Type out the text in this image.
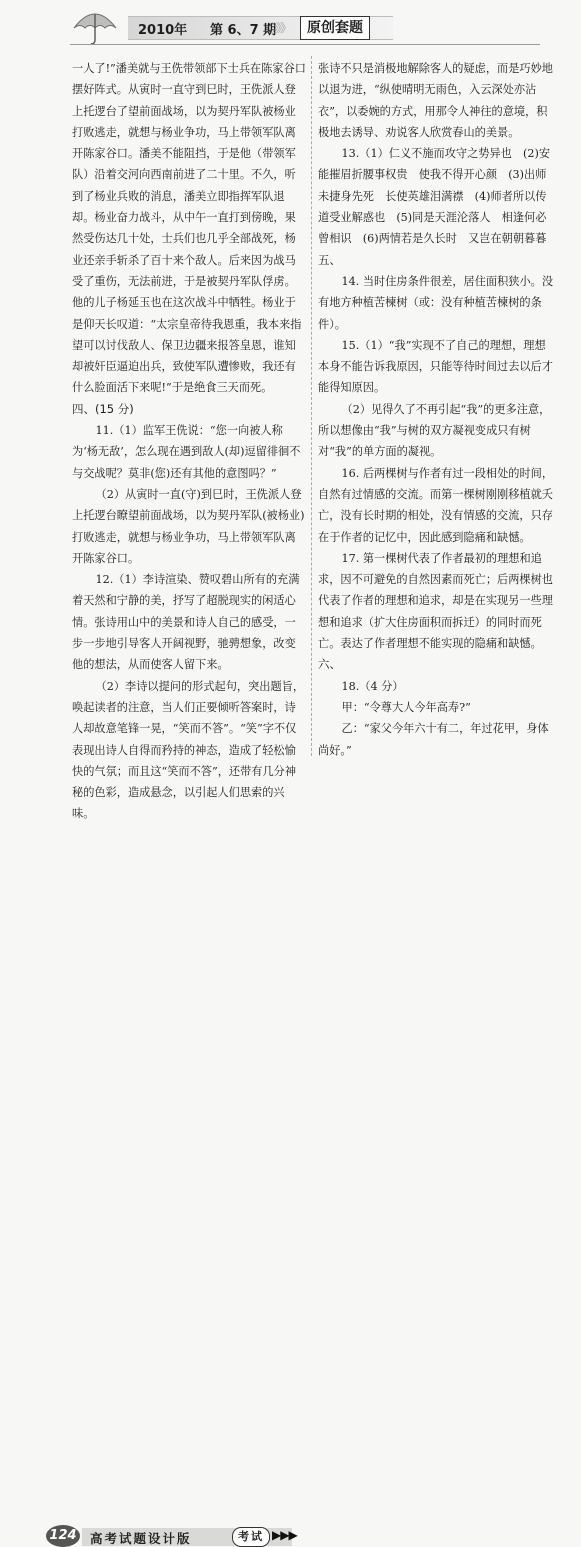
2010年 第 6、7 期
》》》	原创套题

一人了!”潘美就与王侁带领部下士兵在陈家谷口摆好阵式。从寅时一直守到巳时，王侁派人登上托逻台了望前面战场，以为契丹军队被杨业打败逃走，就想与杨业争功，马上带领军队离开陈家谷口。潘美不能阻挡，于是他（带领军队）沿着交河向西南前进了二十里。不久，听到了杨业兵败的消息，潘美立即指挥军队退却。杨业奋力战斗，从中午一直打到傍晚，果然受伤达几十处，士兵们也几乎全部战死，杨业还亲手斩杀了百十来个敌人。后来因为战马受了重伤，无法前进，于是被契丹军队俘虏。他的儿子杨延玉也在这次战斗中牺牲。杨业于是仰天长叹道：“太宗皇帝待我恩重，我本来指望可以讨伐敌人、保卫边疆来报答皇恩，谁知却被奸臣逼迫出兵，致使军队遭惨败，我还有什么脸面活下来呢!”于是绝食三天而死。

四、(15 分)

11.（1）监军王侁说：“您一向被人称为‘杨无敌’，怎么现在遇到敌人(却)逗留徘徊不与交战呢？莫非(您)还有其他的意图吗？”

（2）从寅时一直(守)到巳时，王侁派人登上托逻台瞭望前面战场，以为契丹军队(被杨业)打败逃走，就想与杨业争功，马上带领军队离开陈家谷口。

12.（1）李诗渲染、赞叹碧山所有的充满着天然和宁静的美，抒写了超脱现实的闲适心情。张诗用山中的美景和诗人自己的感受，一步一步地引导客人开阔视野，驰骋想象，改变他的想法，从而使客人留下来。

（2）李诗以提问的形式起句，突出题旨，唤起读者的注意，当人们正要倾听答案时，诗人却故意笔锋一晃，“笑而不答”。“笑”字不仅表现出诗人自得而矜持的神态，造成了轻松愉快的气氛；而且这“笑而不答”，还带有几分神秘的色彩，造成悬念，以引起人们思索的兴味。

张诗不只是消极地解除客人的疑虑，而是巧妙地以退为进，“纵使晴明无雨色，入云深处亦沾衣”，以委婉的方式，用那令人神往的意境，积极地去诱导、劝说客人欣赏春山的美景。

13.（1）仁义不施而攻守之势异也　(2)安能摧眉折腰事权贵　使我不得开心颜　(3)出师未捷身先死　长使英雄泪满襟　(4)师者所以传道受业解惑也　(5)同是天涯沦落人　相逢何必曾相识　(6)两情若是久长时　又岂在朝朝暮暮

五、

14. 当时住房条件很差，居住面积狭小。没有地方种植苦楝树（或：没有种植苦楝树的条件）。

15.（1）“我”实现不了自己的理想，理想本身不能告诉我原因，只能等待时间过去以后才能得知原因。

（2）见得久了不再引起“我”的更多注意，所以想像由“我”与树的双方凝视变成只有树对“我”的单方面的凝视。

16. 后两棵树与作者有过一段相处的时间，自然有过情感的交流。而第一棵树刚刚移植就夭亡，没有长时期的相处，没有情感的交流，只存在于作者的记忆中，因此感到隐痛和缺憾。

17. 第一棵树代表了作者最初的理想和追求，因不可避免的自然因素而死亡；后两棵树也代表了作者的理想和追求，却是在实现另一些理想和追求（扩大住房面积而拆迁）的同时而死亡。表达了作者理想不能实现的隐痛和缺憾。

六、

18.（4 分）

甲：“令尊大人今年高寿?”

乙：“家父今年六十有二，年过花甲，身体尚好。”

124 高考试题设计版	考试 ▶▶▶
